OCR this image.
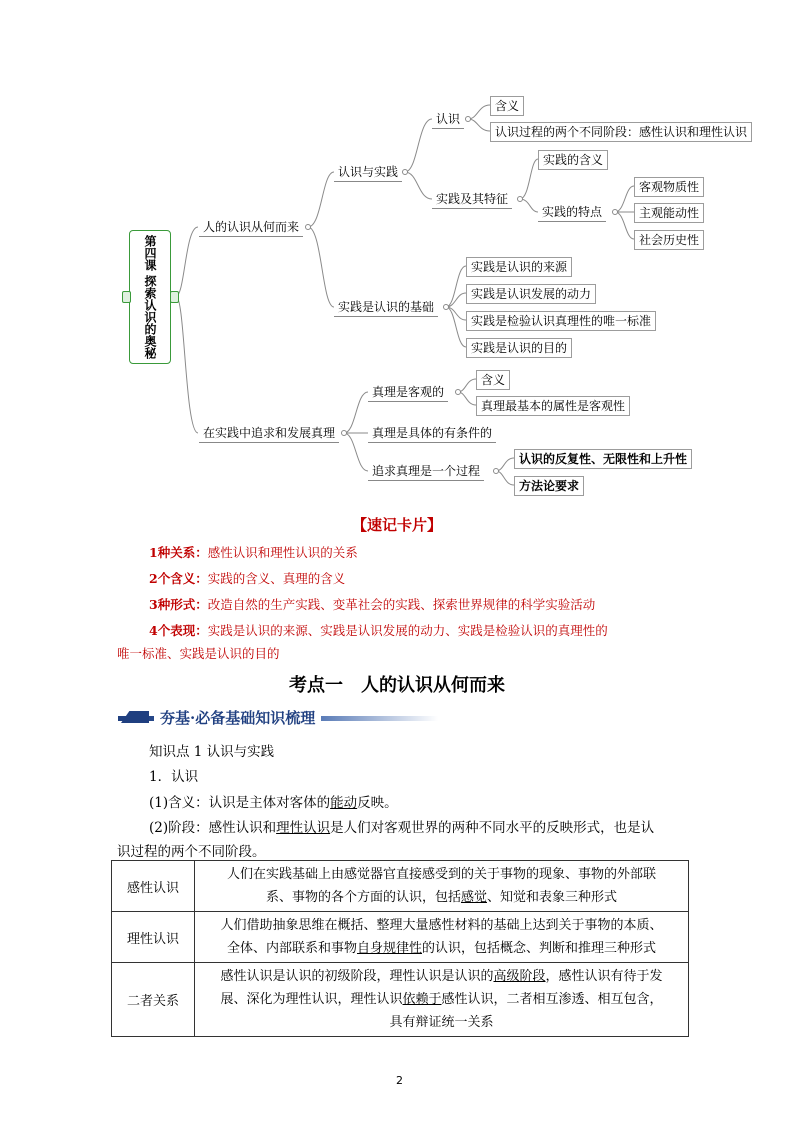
第四课 探索认识的奥秘
人的认识从何而来
认识与实践
认识
含义
认识过程的两个不同阶段：感性认识和理性认识
实践及其特征
实践的含义
实践的特点
客观物质性
主观能动性
社会历史性
实践是认识的基础
实践是认识的来源
实践是认识发展的动力
实践是检验认识真理性的唯一标准
实践是认识的目的
在实践中追求和发展真理
真理是客观的
含义
真理最基本的属性是客观性
真理是具体的有条件的
追求真理是一个过程
认识的反复性、无限性和上升性
方法论要求
【速记卡片】
1种关系：感性认识和理性认识的关系
2个含义：实践的含义、真理的含义
3种形式：改造自然的生产实践、变革社会的实践、探索世界规律的科学实验活动
4个表现：实践是认识的来源、实践是认识发展的动力、实践是检验认识的真理性的
唯一标准、实践是认识的目的
考点一　人的认识从何而来
夯基·必备基础知识梳理
知识点 1 认识与实践
1．认识
(1)含义：认识是主体对客体的能动反映。
(2)阶段：感性认识和理性认识是人们对客观世界的两种不同水平的反映形式，也是认
识过程的两个不同阶段。
感性认识	人们在实践基础上由感觉器官直接感受到的关于事物的现象、事物的外部联
系、事物的各个方面的认识，包括感觉、知觉和表象三种形式

理性认识	人们借助抽象思维在概括、整理大量感性材料的基础上达到关于事物的本质、
全体、内部联系和事物自身规律性的认识，包括概念、判断和推理三种形式

二者关系	感性认识是认识的初级阶段，理性认识是认识的高级阶段，感性认识有待于发
展、深化为理性认识，理性认识依赖于感性认识，二者相互渗透、相互包含，
具有辩证统一关系
2
